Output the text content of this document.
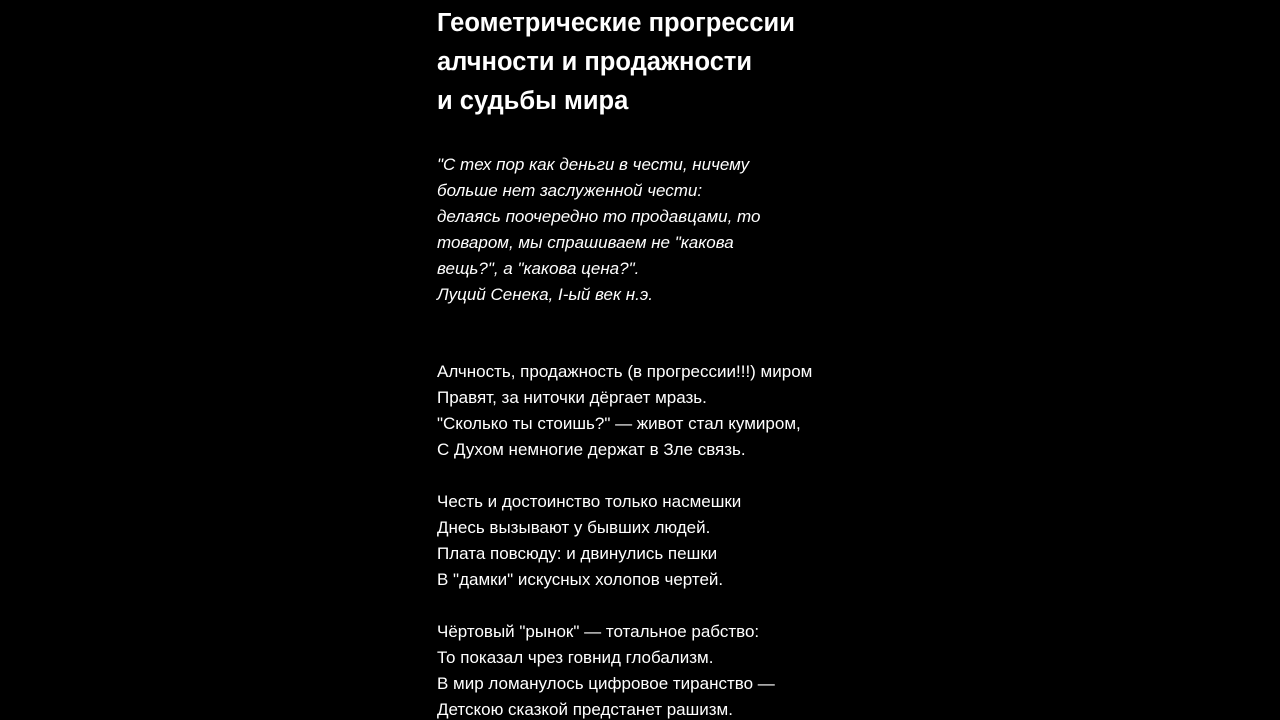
Геометрические прогрессии
алчности и продажности
и судьбы мира
"С тех пор как деньги в чести, ничему
больше нет заслуженной чести:
делаясь поочередно то продавцами, то
товаром, мы спрашиваем не "какова
вещь?", а "какова цена?".
Луций Сенека, I-ый век н.э.
Алчность, продажность (в прогрессии!!!) миром
Правят, за ниточки дёргает мразь.
"Сколько ты стоишь?" — живот стал кумиром,
С Духом немногие держат в Зле связь.
Честь и достоинство только насмешки
Днесь вызывают у бывших людей.
Плата повсюду: и двинулись пешки
В "дамки" искусных холопов чертей.
Чёртовый "рынок" — тотальное рабство:
То показал чрез говнид глобализм.
В мир ломанулось цифровое тиранство —
Детскою сказкой предстанет рашизм.
